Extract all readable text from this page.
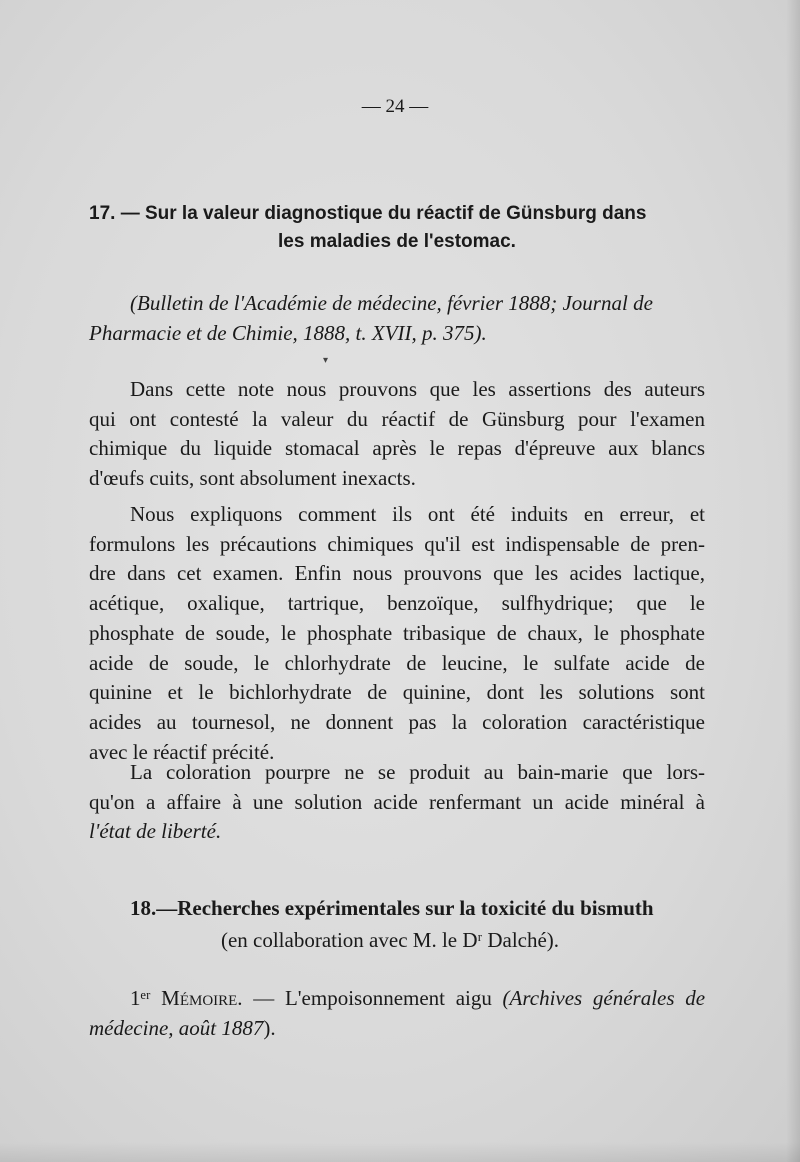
— 24 —
17. — Sur la valeur diagnostique du réactif de Günsburg dans
les maladies de l'estomac.
(Bulletin de l'Académie de médecine, février 1888; Journal de
Pharmacie et de Chimie, 1888, t. XVII, p. 375).
▾
Dans cette note nous prouvons que les assertions des auteurs
qui ont contesté la valeur du réactif de Günsburg pour l'examen
chimique du liquide stomacal après le repas d'épreuve aux blancs
d'œufs cuits, sont absolument inexacts.
Nous expliquons comment ils ont été induits en erreur, et
formulons les précautions chimiques qu'il est indispensable de pren-
dre dans cet examen. Enfin nous prouvons que les acides lactique,
acétique, oxalique, tartrique, benzoïque, sulfhydrique; que le
phosphate de soude, le phosphate tribasique de chaux, le phosphate
acide de soude, le chlorhydrate de leucine, le sulfate acide de
quinine et le bichlorhydrate de quinine, dont les solutions sont
acides au tournesol, ne donnent pas la coloration caractéristique
avec le réactif précité.
La coloration pourpre ne se produit au bain-marie que lors-
qu'on a affaire à une solution acide renfermant un acide minéral à
l'état de liberté.
18.—Recherches expérimentales sur la toxicité du bismuth
(en collaboration avec M. le Dʳ Dalché).
1ᵉʳ Mémoire. — L'empoisonnement aigu (Archives générales de
médecine, août 1887).
